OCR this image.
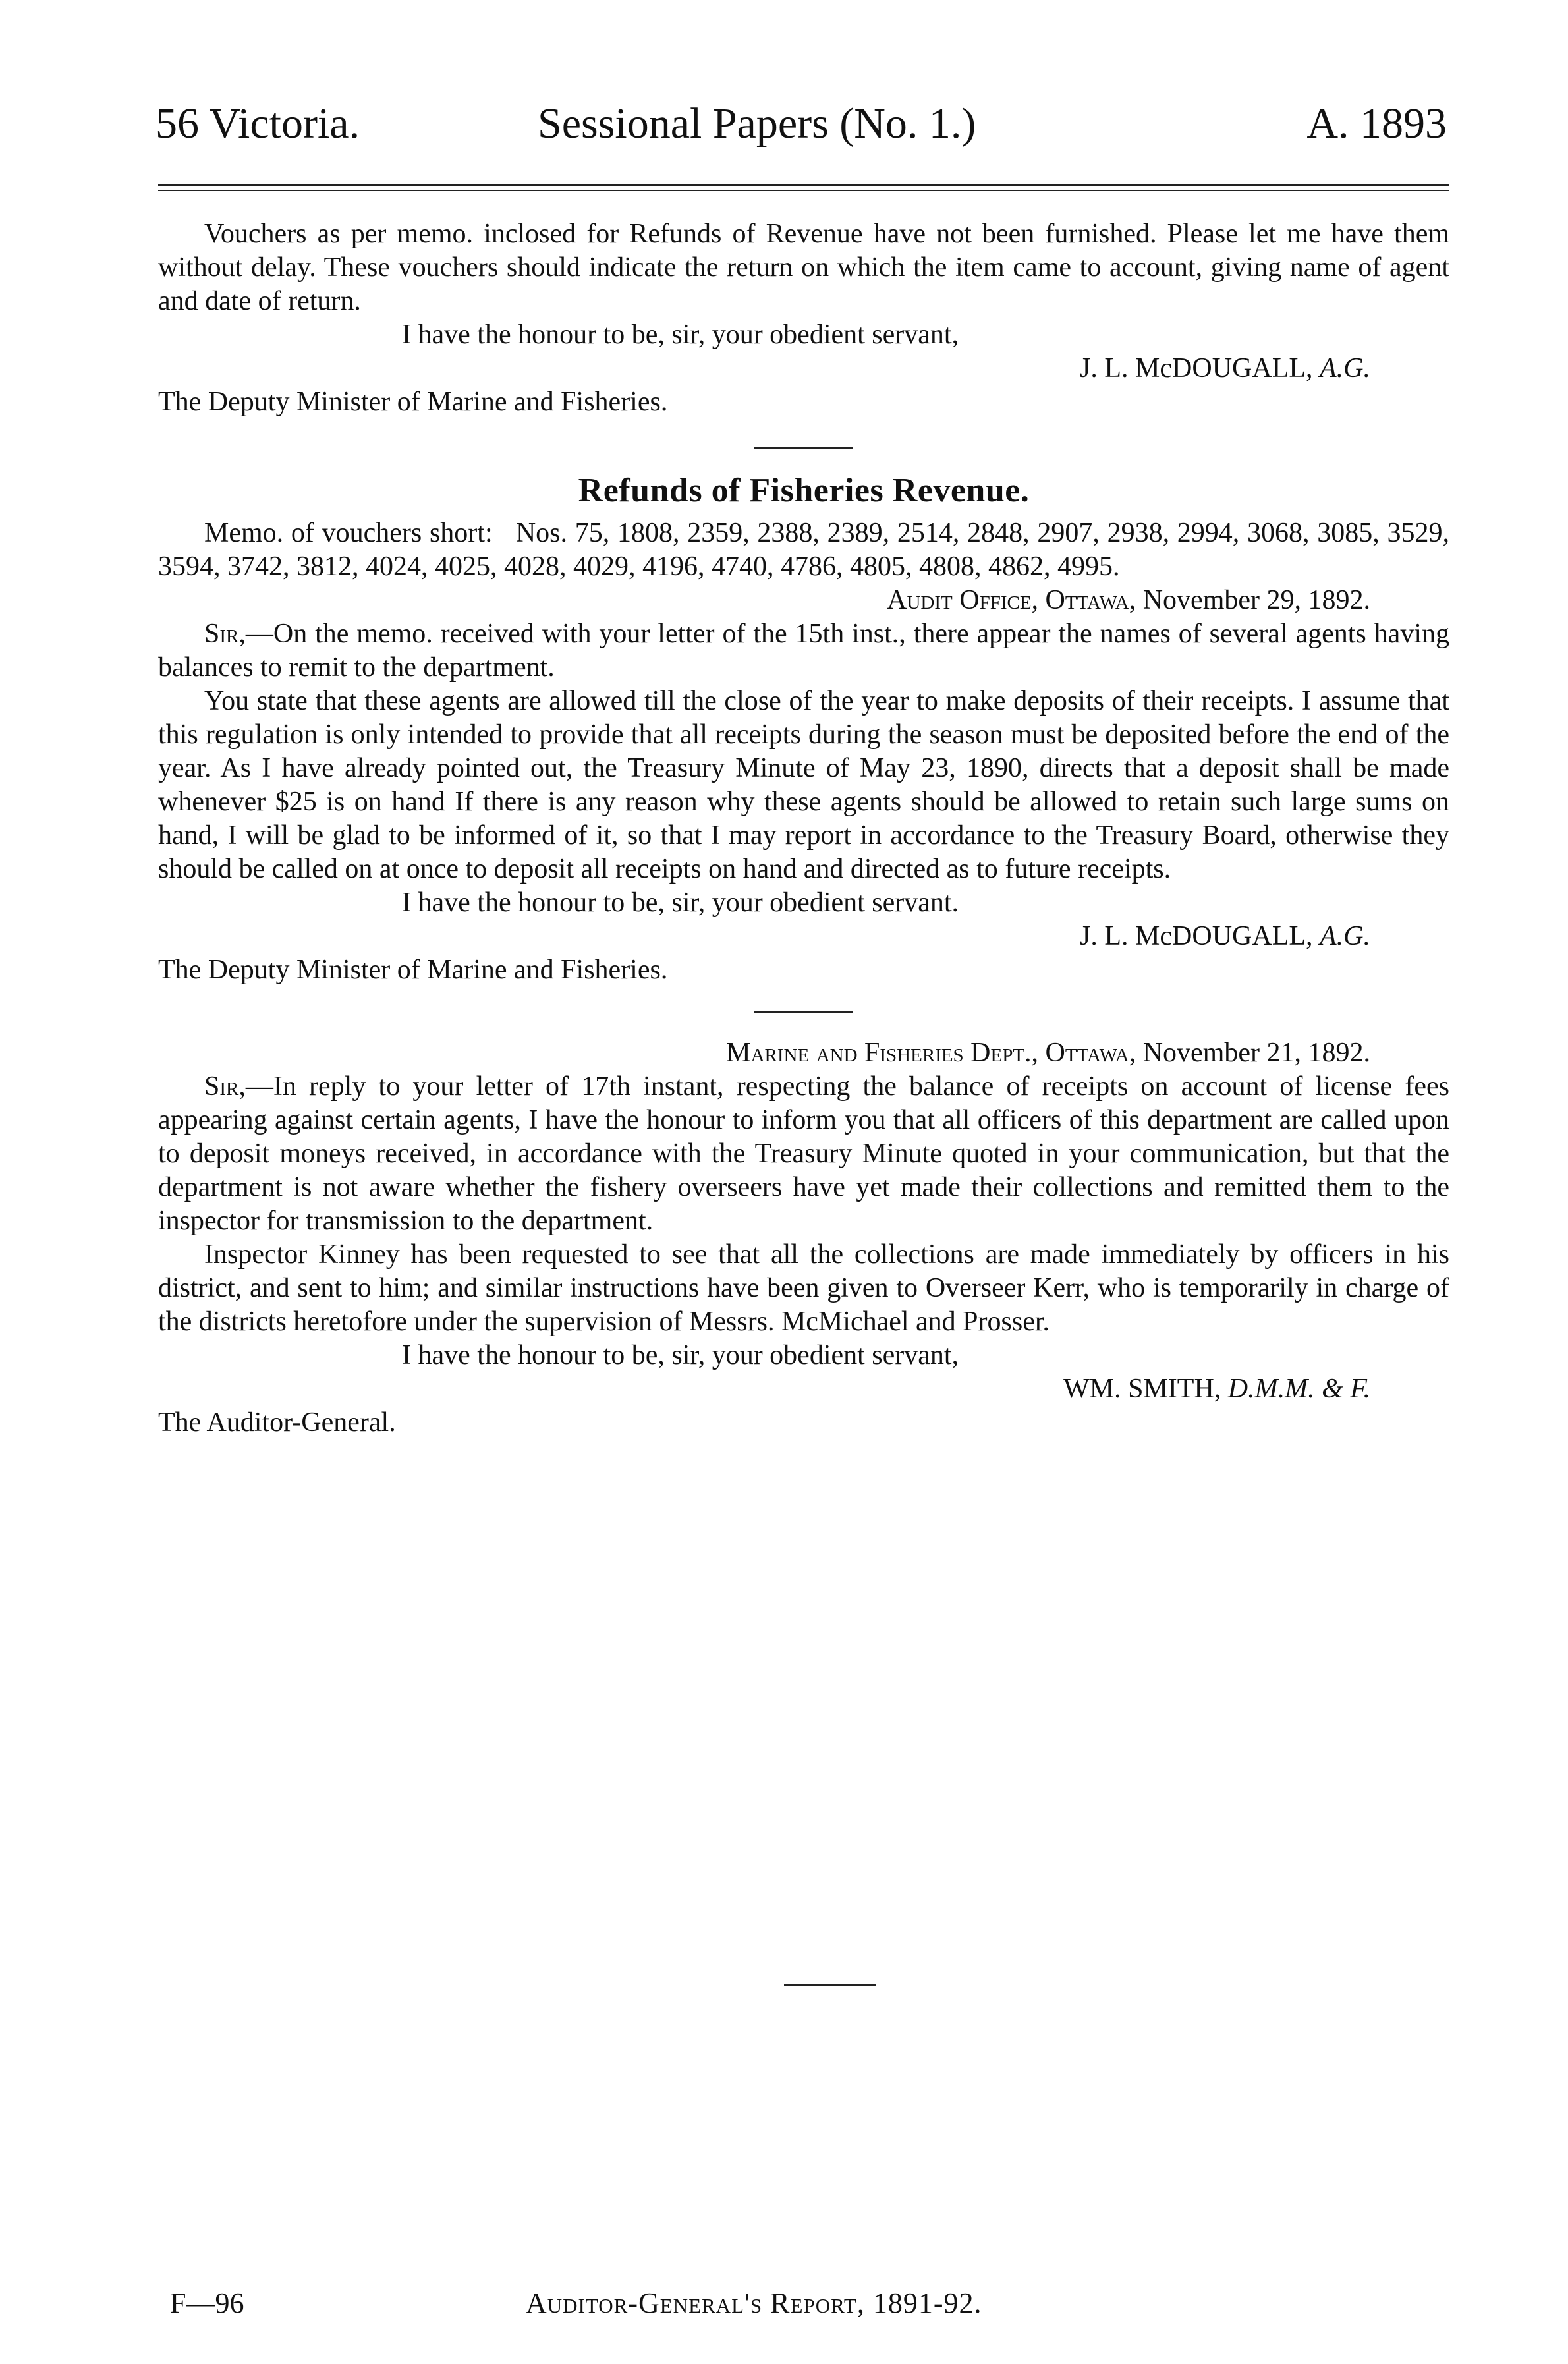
56 Victoria.	Sessional Papers (No. 1.)	A. 1893

Vouchers as per memo. inclosed for Refunds of Revenue have not been furnished. Please let me have them without delay. These vouchers should indicate the return on which the item came to account, giving name of agent and date of return.

I have the honour to be, sir, your obedient servant,

J. L. McDOUGALL, A.G.

The Deputy Minister of Marine and Fisheries.

Refunds of Fisheries Revenue.

Memo. of vouchers short: Nos. 75, 1808, 2359, 2388, 2389, 2514, 2848, 2907, 2938, 2994, 3068, 3085, 3529, 3594, 3742, 3812, 4024, 4025, 4028, 4029, 4196, 4740, 4786, 4805, 4808, 4862, 4995.

Audit Office, Ottawa, November 29, 1892.

Sir,—On the memo. received with your letter of the 15th inst., there appear the names of several agents having balances to remit to the department.

You state that these agents are allowed till the close of the year to make deposits of their receipts. I assume that this regulation is only intended to provide that all receipts during the season must be deposited before the end of the year. As I have already pointed out, the Treasury Minute of May 23, 1890, directs that a deposit shall be made whenever $25 is on hand If there is any reason why these agents should be allowed to retain such large sums on hand, I will be glad to be informed of it, so that I may report in accordance to the Treasury Board, otherwise they should be called on at once to deposit all receipts on hand and directed as to future receipts.

I have the honour to be, sir, your obedient servant.

J. L. McDOUGALL, A.G.

The Deputy Minister of Marine and Fisheries.

Marine and Fisheries Dept., Ottawa, November 21, 1892.

Sir,—In reply to your letter of 17th instant, respecting the balance of receipts on account of license fees appearing against certain agents, I have the honour to inform you that all officers of this department are called upon to deposit moneys received, in accordance with the Treasury Minute quoted in your communication, but that the department is not aware whether the fishery overseers have yet made their collections and remitted them to the inspector for transmission to the department.

Inspector Kinney has been requested to see that all the collections are made immediately by officers in his district, and sent to him; and similar instructions have been given to Overseer Kerr, who is temporarily in charge of the districts heretofore under the supervision of Messrs. McMichael and Prosser.

I have the honour to be, sir, your obedient servant,

WM. SMITH, D.M.M. & F.

The Auditor-General.

F—96	Auditor-General's Report, 1891-92.
